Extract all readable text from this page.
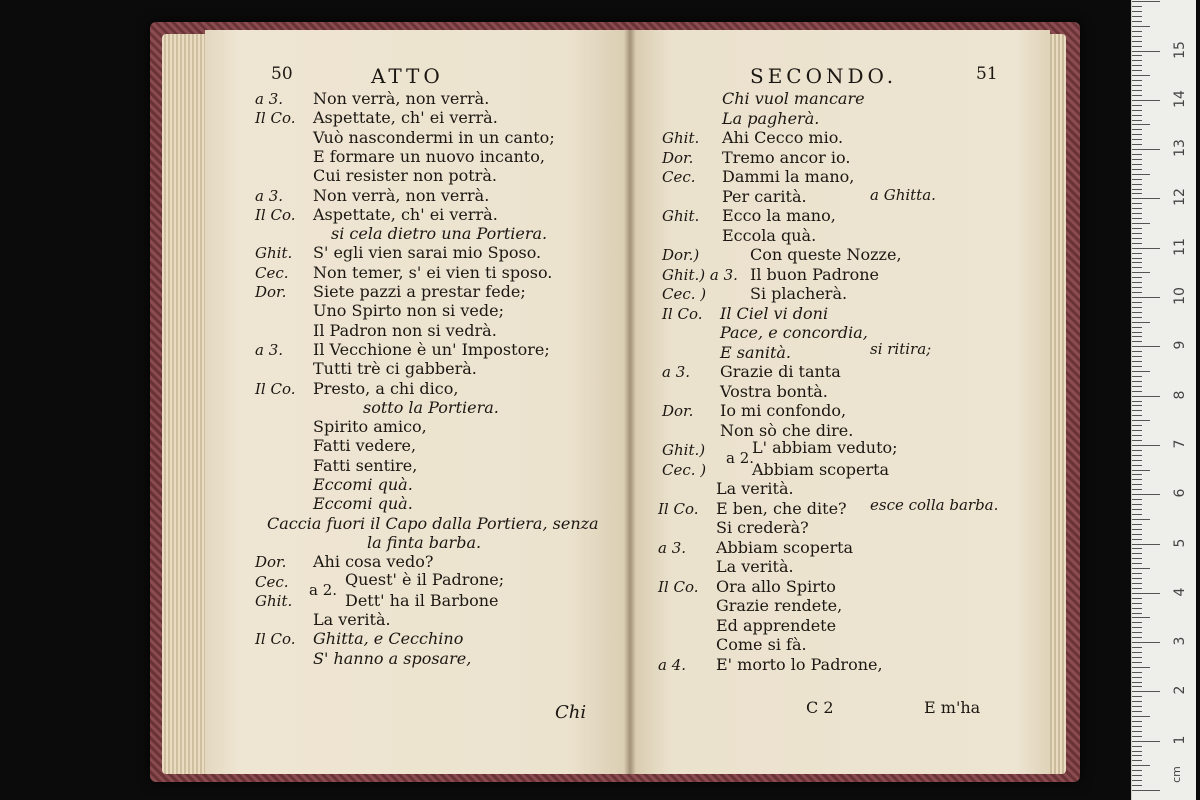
50	ATTO
a 3. Non verrà, non verrà.
Il Co. Aspettate, ch' ei verrà.
Vuò nascondermi in un canto;
E formare un nuovo incanto,
Cui resister non potrà.
a 3. Non verrà, non verrà.
Il Co. Aspettate, ch' ei verrà.
si cela dietro una Portiera.
Ghit. S' egli vien sarai mio Sposo.
Cec. Non temer, s' ei vien ti sposo.
Dor. Siete pazzi a prestar fede;
Uno Spirto non si vede;
Il Padron non si vedrà.
a 3. Il Vecchione è un' Impostore;
Tutti trè ci gabberà.
Il Co. Presto, a chi dico,
sotto la Portiera.
Spirito amico,
Fatti vedere,
Fatti sentire,
Eccomi quà.
Eccomi quà.
Caccia fuori il Capo dalla Portiera, senza
la finta barba.
Dor. Ahi cosa vedo?
Cec.	Quest' è il Padrone;
a 2.
Ghit.	Dett' ha il Barbone
La verità.
Il Co. Ghitta, e Cecchino
S' hanno a sposare,
Chi
SECONDO.	51
Chi vuol mancare
La pagherà.
Ghit. Ahi Cecco mio.
Dor. Tremo ancor io.
Cec. Dammi la mano,
Per carità.
Ghit. Ecco la mano,
Eccola quà.
a Ghitta.
Dor.)
Ghit.) a 3.
Cec. )
Con queste Nozze,
Il buon Padrone
Si placherà.
Il Co. Il Ciel vi doni
Pace, e concordia,
E sanità.
a 3. Grazie di tanta
Vostra bontà.
Dor. Io mi confondo,
Non sò che dire.
si ritira;
Ghit.)	L' abbiam veduto;
a 2.
Cec. )	Abbiam scoperta
La verità.
Il Co. E ben, che dite?
Si crederà?
a 3. Abbiam scoperta
La verità.
Il Co. Ora allo Spirto
Grazie rendete,
Ed apprendete
Come si fà.
a 4. E' morto lo Padrone,
esce colla barba.
C 2	E m'ha
cm
1
2
3
4
5
6
7
8
9
10
11
12
13
14
15
